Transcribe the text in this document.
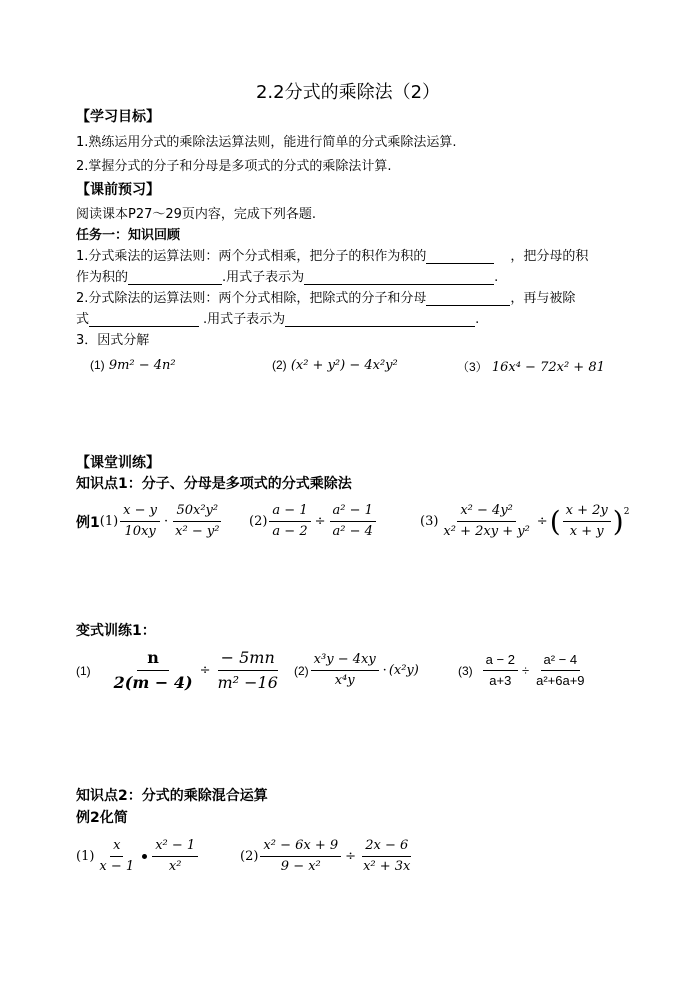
2.2分式的乘除法（2）
【学习目标】
1.熟练运用分式的乘除法运算法则，能进行简单的分式乘除法运算.
2.掌握分式的分子和分母是多项式的分式的乘除法计算.
【课前预习】
阅读课本P27～29页内容，完成下列各题.
任务一：知识回顾
1.分式乘法的运算法则：两个分式相乘，把分子的积作为积的	，把分母的积
作为积的	.用式子表示为	.
2.分式除法的运算法则：两个分式相除，把除式的分子和分母	，再与被除
式	.用式子表示为	.
3．因式分解
(1) 9m² − 4n²	(2) (x² + y²) − 4x²y²	（3） 16x⁴ − 72x² + 81
【课堂训练】
知识点1：分子、分母是多项式的分式乘除法
例1 $(1) \frac{x - y}{10xy} \cdot \frac{\text{50x²y²}}{\text{x² − y²}} (2) \frac{a - 1}{a - 2} \div \frac{\text{a² − 1}}{\text{a² − 4}}$	$(3) \frac{\text{x² − 4y²}}{\text{x² + 2xy + y²}}$ ÷ ( $\frac{x + 2y}{x + y} )^2$
变式训练1：
$(1) \frac{n}{2(m - 4)} \div \frac{- 5mn}{\text{m² −16}} (2) \frac{\text{x³y − 4xy}}{\text{x⁴y}} \cdot (x^2y)$	$(3) \frac{a - 2}{a+3} \div \frac{\text{a² − 4}}{\text{a²+6a+9}}$
知识点2：分式的乘除混合运算
例2化简
$(1) \frac{x}{x - 1} \frac{\text{x² − 1}}{\text{x²}}$	$(2) \frac{\text{x² − 6x + 9}}{\text{9 − x²}} \div \frac{2x - 6}{\text{x² + 3x}}$
